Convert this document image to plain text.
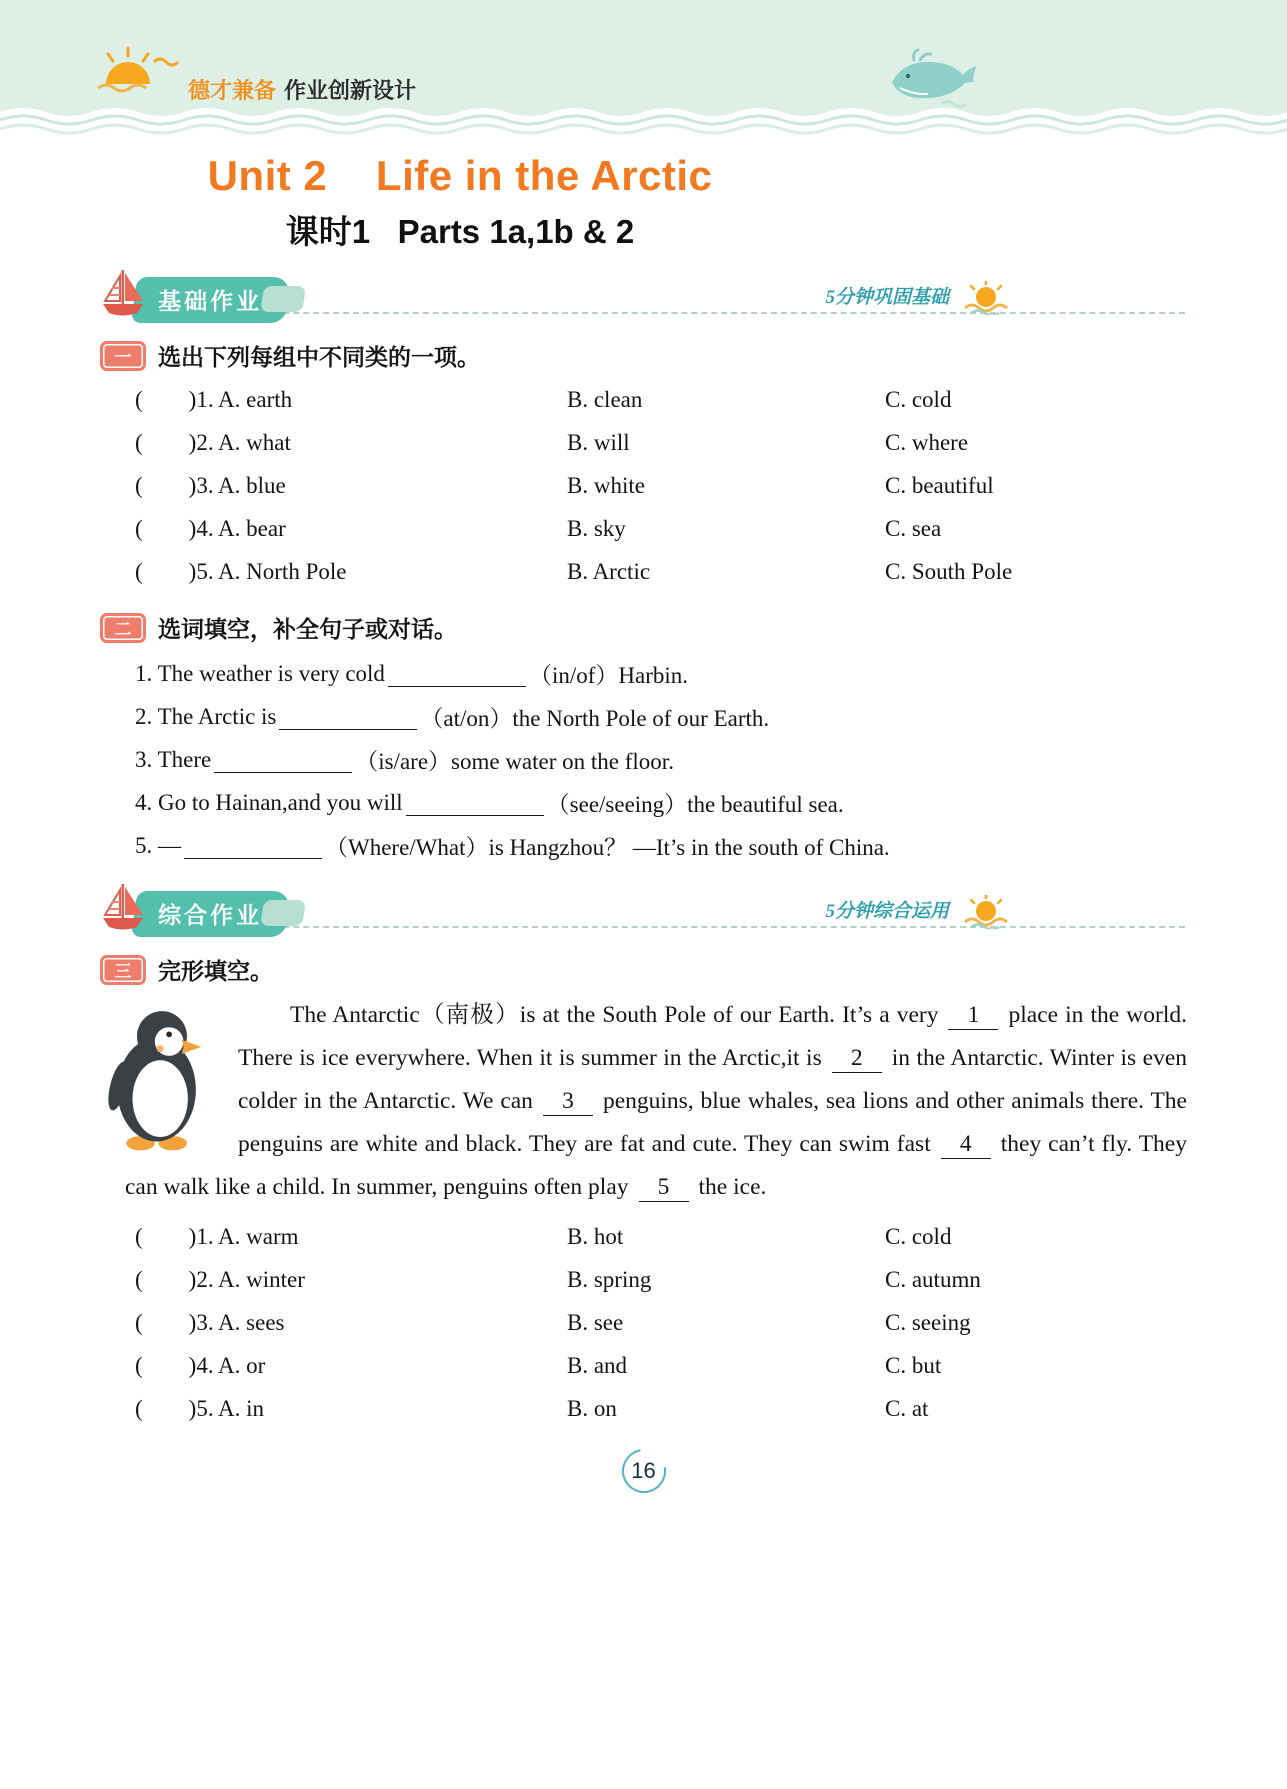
德才兼备 作业创新设计
Unit 2    Life in the Arctic
课时1   Parts 1a,1b & 2
基础作业	5分钟巩固基础
一	选出下列每组中不同类的一项。
(        )1. A. earth	B. clean	C. cold
(        )2. A. what	B. will	C. where
(        )3. A. blue	B. white	C. beautiful
(        )4. A. bear	B. sky	C. sea
(        )5. A. North Pole	B. Arctic	C. South Pole
二	选词填空，补全句子或对话。
1. The weather is very cold	（in/of）Harbin.
2. The Arctic is	（at/on）the North Pole of our Earth.
3. There	（is/are）some water on the floor.
4. Go to Hainan,and you will	（see/seeing）the beautiful sea.
5. —	（Where/What）is Hangzhou？ —It’s in the south of China.
综合作业	5分钟综合运用
三	完形填空。

The Antarctic（南极）is at the South Pole of our Earth. It’s a very 1 place in the world. There is ice everywhere. When it is summer in the Arctic,it is 2 in the Antarctic. Winter is even colder in the Antarctic. We can 3 penguins, blue whales, sea lions and other animals there. The penguins are white and black. They are fat and cute. They can swim fast 4 they can’t fly. They can walk like a child. In summer, penguins often play 5 the ice.

(        )1. A. warm	B. hot	C. cold
(        )2. A. winter	B. spring	C. autumn
(        )3. A. sees	B. see	C. seeing
(        )4. A. or	B. and	C. but
(        )5. A. in	B. on	C. at
16
